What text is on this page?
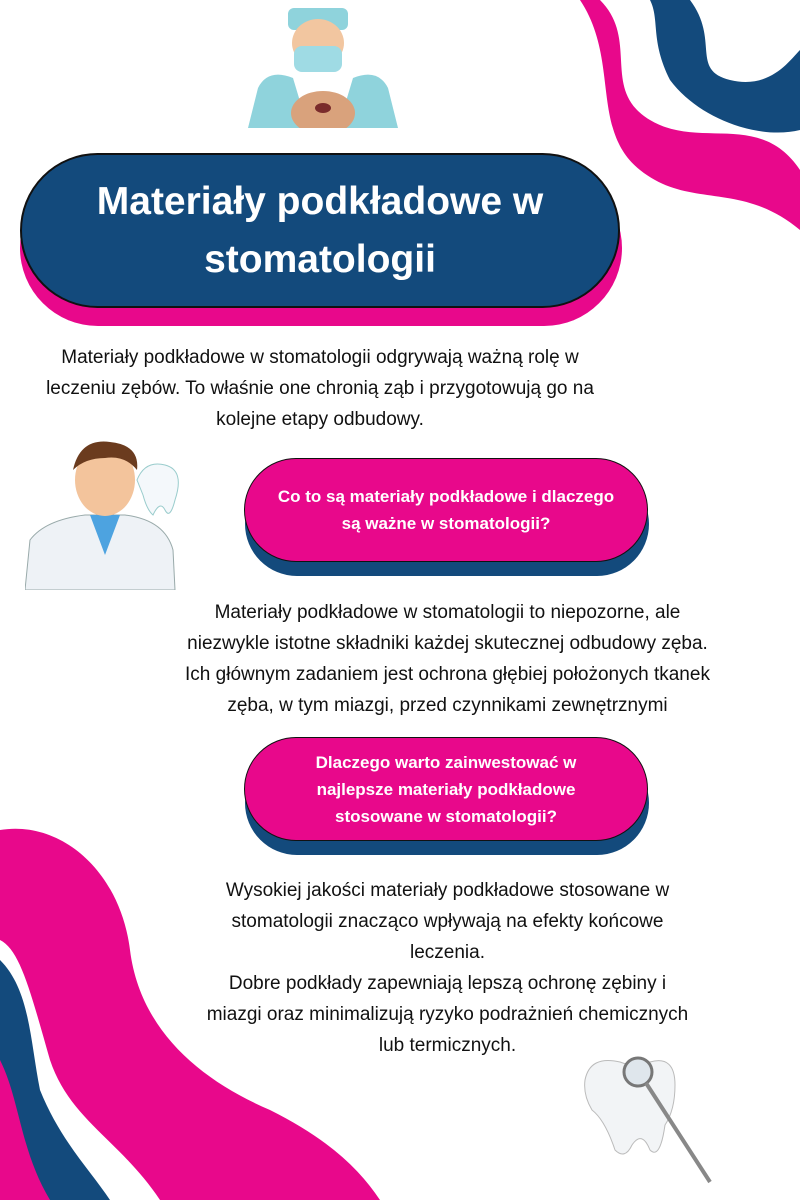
Materiały podkładowe w stomatologii
Materiały podkładowe w stomatologii odgrywają ważną rolę w
leczeniu zębów. To właśnie one chronią ząb i przygotowują go na
kolejne etapy odbudowy.
Co to są materiały podkładowe i dlaczego są ważne w stomatologii?
Materiały podkładowe w stomatologii to niepozorne, ale
niezwykle istotne składniki każdej skutecznej odbudowy zęba.
Ich głównym zadaniem jest ochrona głębiej położonych tkanek
zęba, w tym miazgi, przed czynnikami zewnętrznymi
Dlaczego warto zainwestować w najlepsze materiały podkładowe stosowane w stomatologii?
Wysokiej jakości materiały podkładowe stosowane w
stomatologii znacząco wpływają na efekty końcowe
leczenia.
Dobre podkłady zapewniają lepszą ochronę zębiny i
miazgi oraz minimalizują ryzyko podrażnień chemicznych
lub termicznych.
